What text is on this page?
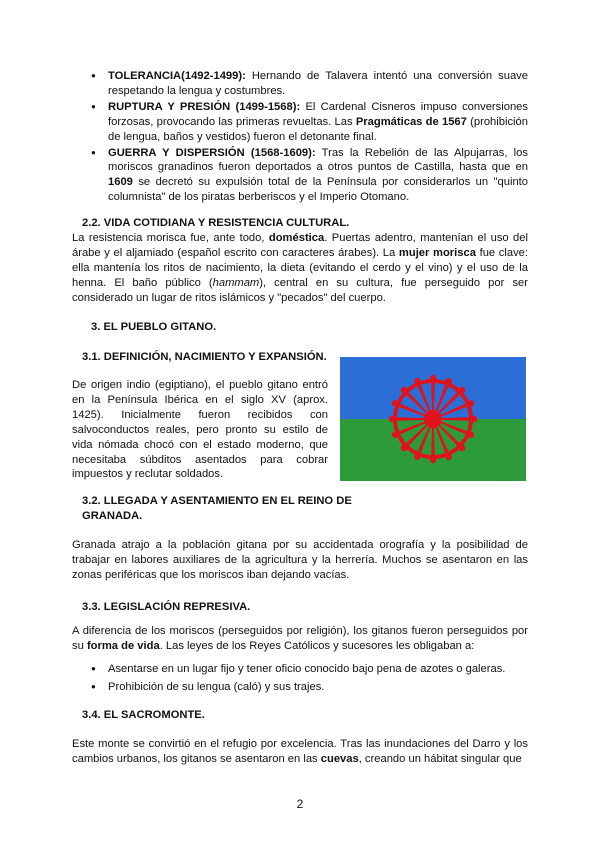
● TOLERANCIA(1492-1499): Hernando de Talavera intentó una conversión suave respetando la lengua y costumbres.
● RUPTURA Y PRESIÓN (1499-1568): El Cardenal Cisneros impuso conversiones forzosas, provocando las primeras revueltas. Las Pragmáticas de 1567 (prohibición de lengua, baños y vestidos) fueron el detonante final.
● GUERRA Y DISPERSIÓN (1568-1609): Tras la Rebelión de las Alpujarras, los moriscos granadinos fueron deportados a otros puntos de Castilla, hasta que en 1609 se decretó su expulsión total de la Península por considerarlos un "quinto columnista" de los piratas berberiscos y el Imperio Otomano.
2.2. VIDA COTIDIANA Y RESISTENCIA CULTURAL.

La resistencia morisca fue, ante todo, doméstica. Puertas adentro, mantenían el uso del árabe y el aljamiado (español escrito con caracteres árabes). La mujer morisca fue clave: ella mantenía los ritos de nacimiento, la dieta (evitando el cerdo y el vino) y el uso de la henna. El baño público (hammam), central en su cultura, fue perseguido por ser considerado un lugar de ritos islámicos y "pecados" del cuerpo.

3. EL PUEBLO GITANO.
3.1. DEFINICIÓN, NACIMIENTO Y EXPANSIÓN.

De origen indio (egiptiano), el pueblo gitano entró en la Península Ibérica en el siglo XV (aprox. 1425). Inicialmente fueron recibidos con salvoconductos reales, pero pronto su estilo de vida nómada chocó con el estado moderno, que necesitaba súbditos asentados para cobrar impuestos y reclutar soldados.

3.2. LLEGADA Y ASENTAMIENTO EN EL REINO DE GRANADA.

Granada atrajo a la población gitana por su accidentada orografía y la posibilidad de trabajar en labores auxiliares de la agricultura y la herrería. Muchos se asentaron en las zonas periféricas que los moriscos iban dejando vacías.

3.3. LEGISLACIÓN REPRESIVA.

A diferencia de los moriscos (perseguidos por religión), los gitanos fueron perseguidos por su forma de vida. Las leyes de los Reyes Católicos y sucesores les obligaban a:

● Asentarse en un lugar fijo y tener oficio conocido bajo pena de azotes o galeras.
● Prohibición de su lengua (caló) y sus trajes.
3.4. EL SACROMONTE.

Este monte se convirtió en el refugio por excelencia. Tras las inundaciones del Darro y los cambios urbanos, los gitanos se asentaron en las cuevas, creando un hábitat singular que

2
